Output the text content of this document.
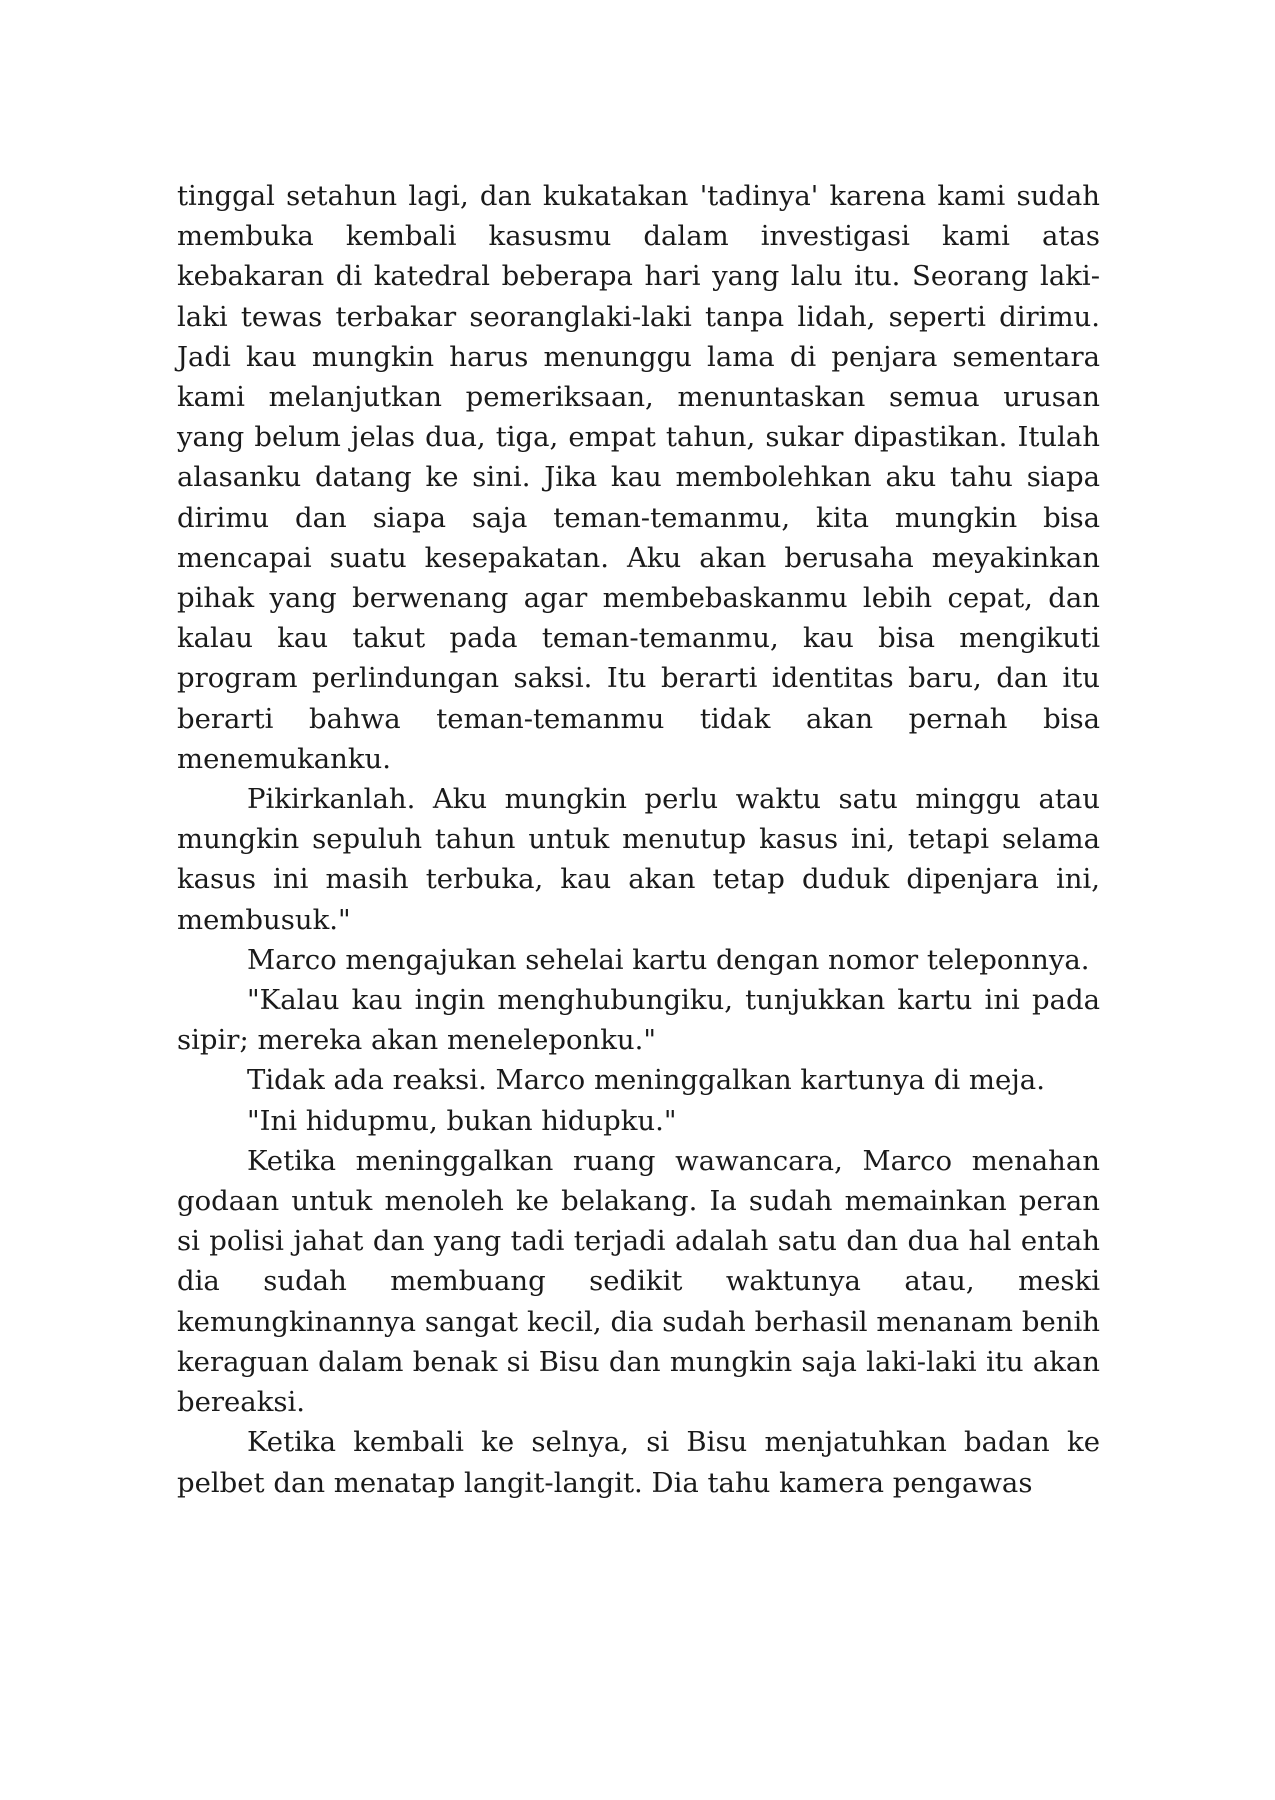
tinggal setahun lagi, dan kukatakan 'tadinya' karena kami sudah membuka kembali kasusmu dalam investigasi kami atas kebakaran di katedral beberapa hari yang lalu itu. Seorang laki-laki tewas terbakar seoranglaki-laki tanpa lidah, seperti dirimu. Jadi kau mungkin harus menunggu lama di penjara sementara kami melanjutkan pemeriksaan, menuntaskan semua urusan yang belum jelas dua, tiga, empat tahun, sukar dipastikan. Itulah alasanku datang ke sini. Jika kau membolehkan aku tahu siapa dirimu dan siapa saja teman-temanmu, kita mungkin bisa mencapai suatu kesepakatan. Aku akan berusaha meyakinkan pihak yang berwenang agar membebaskanmu lebih cepat, dan kalau kau takut pada teman-temanmu, kau bisa mengikuti program perlindungan saksi. Itu berarti identitas baru, dan itu berarti bahwa teman-temanmu tidak akan pernah bisa menemukanku.

Pikirkanlah. Aku mungkin perlu waktu satu minggu atau mungkin sepuluh tahun untuk menutup kasus ini, tetapi selama kasus ini masih terbuka, kau akan tetap duduk dipenjara ini, membusuk."

Marco mengajukan sehelai kartu dengan nomor teleponnya.

"Kalau kau ingin menghubungiku, tunjukkan kartu ini pada sipir; mereka akan meneleponku."

Tidak ada reaksi. Marco meninggalkan kartunya di meja.

"Ini hidupmu, bukan hidupku."

Ketika meninggalkan ruang wawancara, Marco menahan godaan untuk menoleh ke belakang. Ia sudah memainkan peran si polisi jahat dan yang tadi terjadi adalah satu dan dua hal entah dia sudah membuang sedikit waktunya atau, meski kemungkinannya sangat kecil, dia sudah berhasil menanam benih keraguan dalam benak si Bisu dan mungkin saja laki-laki itu akan bereaksi.

Ketika kembali ke selnya, si Bisu menjatuhkan badan ke pelbet dan menatap langit-langit. Dia tahu kamera pengawas
